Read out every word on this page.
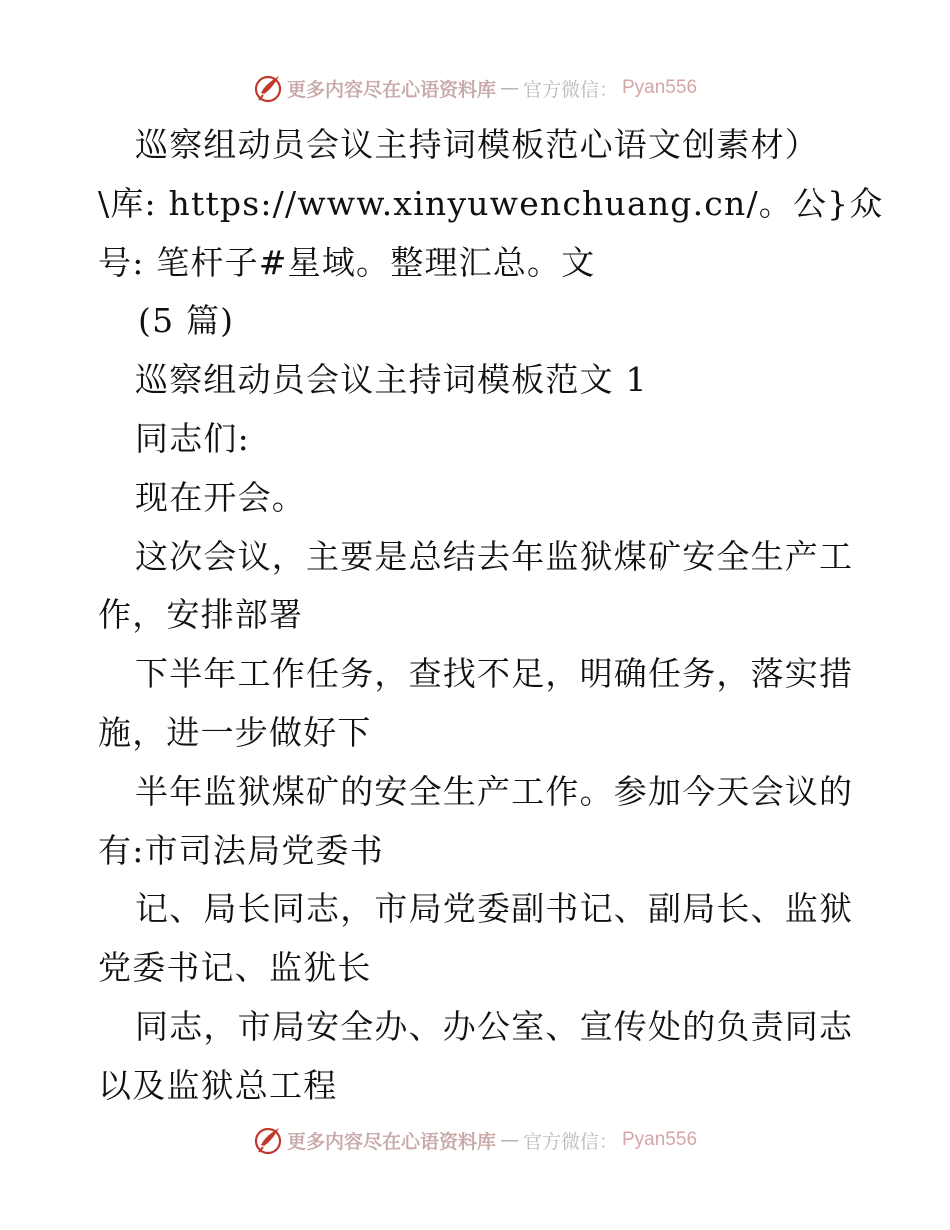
更多内容尽在心语资料库 — 官方微信： Pyan556
巡察组动员会议主持词模板范心语文创素材）
\库: https://www.xinyuwenchuang.cn/。公}众
号: 笔杆子#星域。整理汇总。文
(5 篇)
巡察组动员会议主持词模板范文 1
同志们:
现在开会。
这次会议，主要是总结去年监狱煤矿安全生产工
作，安排部署
下半年工作任务，查找不足，明确任务，落实措
施，进一步做好下
半年监狱煤矿的安全生产工作。参加今天会议的
有:市司法局党委书
记、局长同志，市局党委副书记、副局长、监狱
党委书记、监犹长
同志，市局安全办、办公室、宣传处的负责同志
以及监狱总工程
更多内容尽在心语资料库 — 官方微信： Pyan556
